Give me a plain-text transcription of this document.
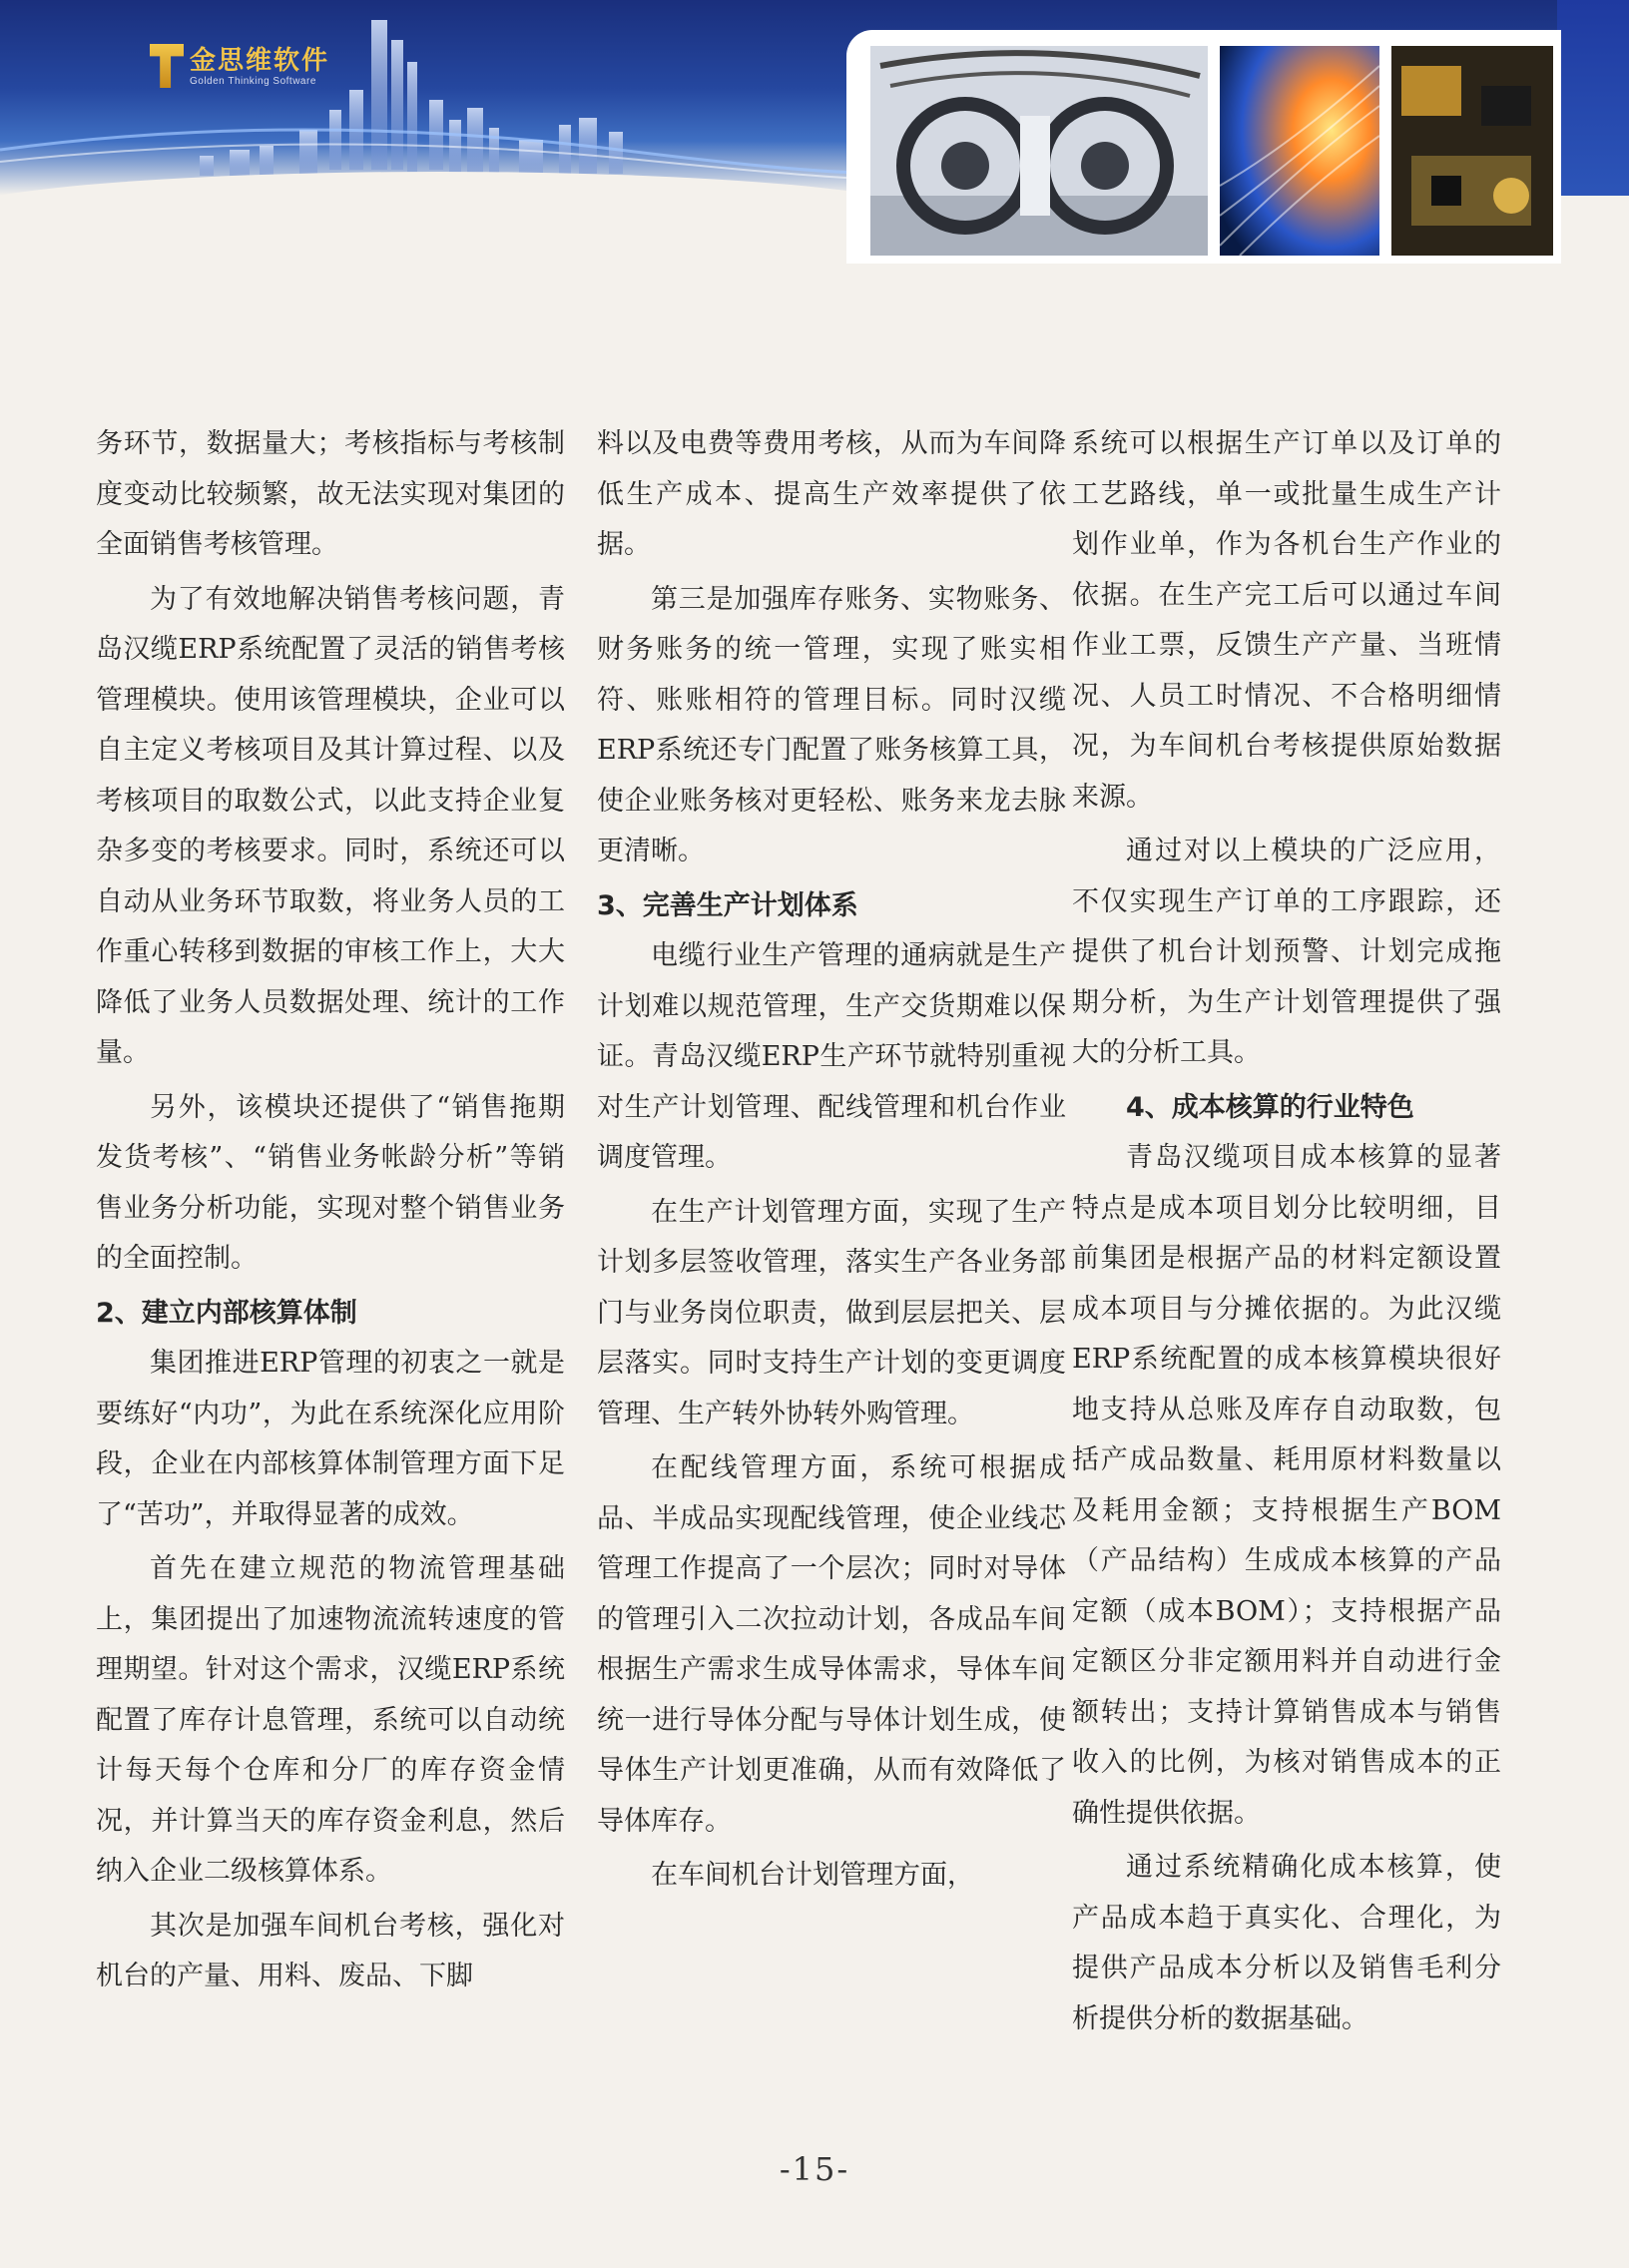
金思维软件
Golden Thinking Software

务环节，数据量大；考核指标与考核制度变动比较频繁，故无法实现对集团的全面销售考核管理。

为了有效地解决销售考核问题，青岛汉缆ERP系统配置了灵活的销售考核管理模块。使用该管理模块，企业可以自主定义考核项目及其计算过程、以及考核项目的取数公式，以此支持企业复杂多变的考核要求。同时，系统还可以自动从业务环节取数，将业务人员的工作重心转移到数据的审核工作上，大大降低了业务人员数据处理、统计的工作量。

另外，该模块还提供了“销售拖期发货考核”、“销售业务帐龄分析”等销售业务分析功能，实现对整个销售业务的全面控制。

2、建立内部核算体制

集团推进ERP管理的初衷之一就是要练好“内功”，为此在系统深化应用阶段，企业在内部核算体制管理方面下足了“苦功”，并取得显著的成效。

首先在建立规范的物流管理基础上，集团提出了加速物流流转速度的管理期望。针对这个需求，汉缆ERP系统配置了库存计息管理，系统可以自动统计每天每个仓库和分厂的库存资金情况，并计算当天的库存资金利息，然后纳入企业二级核算体系。

其次是加强车间机台考核，强化对机台的产量、用料、废品、下脚

料以及电费等费用考核，从而为车间降低生产成本、提高生产效率提供了依据。

第三是加强库存账务、实物账务、财务账务的统一管理，实现了账实相符、账账相符的管理目标。同时汉缆ERP系统还专门配置了账务核算工具，使企业账务核对更轻松、账务来龙去脉更清晰。

3、完善生产计划体系

电缆行业生产管理的通病就是生产计划难以规范管理，生产交货期难以保证。青岛汉缆ERP生产环节就特别重视对生产计划管理、配线管理和机台作业调度管理。

在生产计划管理方面，实现了生产计划多层签收管理，落实生产各业务部门与业务岗位职责，做到层层把关、层层落实。同时支持生产计划的变更调度管理、生产转外协转外购管理。

在配线管理方面，系统可根据成品、半成品实现配线管理，使企业线芯管理工作提高了一个层次；同时对导体的管理引入二次拉动计划，各成品车间根据生产需求生成导体需求，导体车间统一进行导体分配与导体计划生成，使导体生产计划更准确，从而有效降低了导体库存。

在车间机台计划管理方面，

系统可以根据生产订单以及订单的工艺路线，单一或批量生成生产计划作业单，作为各机台生产作业的依据。在生产完工后可以通过车间作业工票，反馈生产产量、当班情况、人员工时情况、不合格明细情况，为车间机台考核提供原始数据来源。

通过对以上模块的广泛应用，不仅实现生产订单的工序跟踪，还提供了机台计划预警、计划完成拖期分析，为生产计划管理提供了强大的分析工具。

4、成本核算的行业特色

青岛汉缆项目成本核算的显著特点是成本项目划分比较明细，目前集团是根据产品的材料定额设置成本项目与分摊依据的。为此汉缆ERP系统配置的成本核算模块很好地支持从总账及库存自动取数，包括产成品数量、耗用原材料数量以及耗用金额；支持根据生产BOM（产品结构）生成成本核算的产品定额（成本BOM）；支持根据产品定额区分非定额用料并自动进行金额转出；支持计算销售成本与销售收入的比例，为核对销售成本的正确性提供依据。

通过系统精确化成本核算，使产品成本趋于真实化、合理化，为提供产品成本分析以及销售毛利分析提供分析的数据基础。

-15-
